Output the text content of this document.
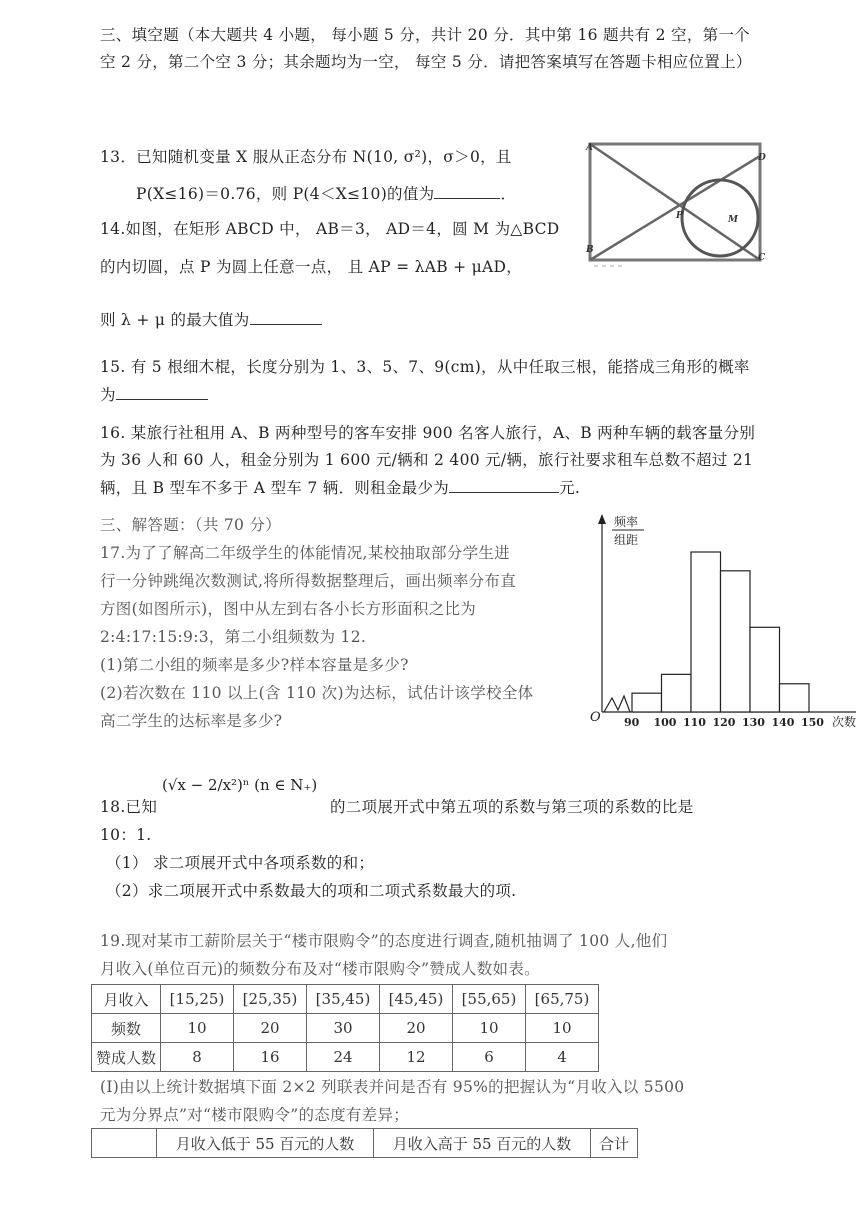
三、填空题（本大题共 4 小题， 每小题 5 分，共计 20 分．其中第 16 题共有 2 空，第一个空 2 分，第二个空 3 分；其余题均为一空， 每空 5 分．请把答案填写在答题卡相应位置上）
13．已知随机变量 X 服从正态分布 N(10, σ²)，σ＞0，且
P(X≤16)＝0.76，则 P(4＜X≤10)的值为	．
14.如图，在矩形 ABCD 中， AB＝3， AD＝4，圆 M 为△BCD
的内切圆，点 P 为圆上任意一点， 且 AP = λAB + μAD，
则 λ + μ 的最大值为
A
D
B
C
P	M
15. 有 5 根细木棍，长度分别为 1、3、5、7、9(cm)，从中任取三根，能搭成三角形的概率为
16. 某旅行社租用 A、B 两种型号的客车安排 900 名客人旅行，A、B 两种车辆的载客量分别为 36 人和 60 人，租金分别为 1 600 元/辆和 2 400 元/辆，旅行社要求租车总数不超过 21 辆，且 B 型车不多于 A 型车 7 辆．则租金最少为	元.
三、解答题：（共 70 分）
17.为了了解高二年级学生的体能情况,某校抽取部分学生进
行一分钟跳绳次数测试,将所得数据整理后，画出频率分布直
方图(如图所示)，图中从左到右各小长方形面积之比为
2:4:17:15:9:3，第二小组频数为 12.
(1)第二小组的频率是多少?样本容量是多少?
(2)若次数在 110 以上(含 110 次)为达标，试估计该学校全体
高二学生的达标率是多少?
频率
组距
O 90 100 110 120 130 140 150 次数
(√x − 2/x²)ⁿ (n ∈ N₊)
18.已知	的二项展开式中第五项的系数与第三项的系数的比是
10：1.
（1） 求二项展开式中各项系数的和；
（2）求二项展开式中系数最大的项和二项式系数最大的项.
19.现对某市工薪阶层关于“楼市限购令”的态度进行调查,随机抽调了 100 人,他们
月收入(单位百元)的频数分布及对“楼市限购令”赞成人数如表。
月收入	[15,25)	[25,35)	[35,45)	[45,45)	[55,65)	[65,75)
频数	10	20	30	20	10	10
赞成人数	8	16	24	12	6	4
(Ⅰ)由以上统计数据填下面 2×2 列联表并问是否有 95%的把握认为“月收入以 5500
元为分界点”对“楼市限购令”的态度有差异；
	月收入低于 55 百元的人数	月收入高于 55 百元的人数	合计
